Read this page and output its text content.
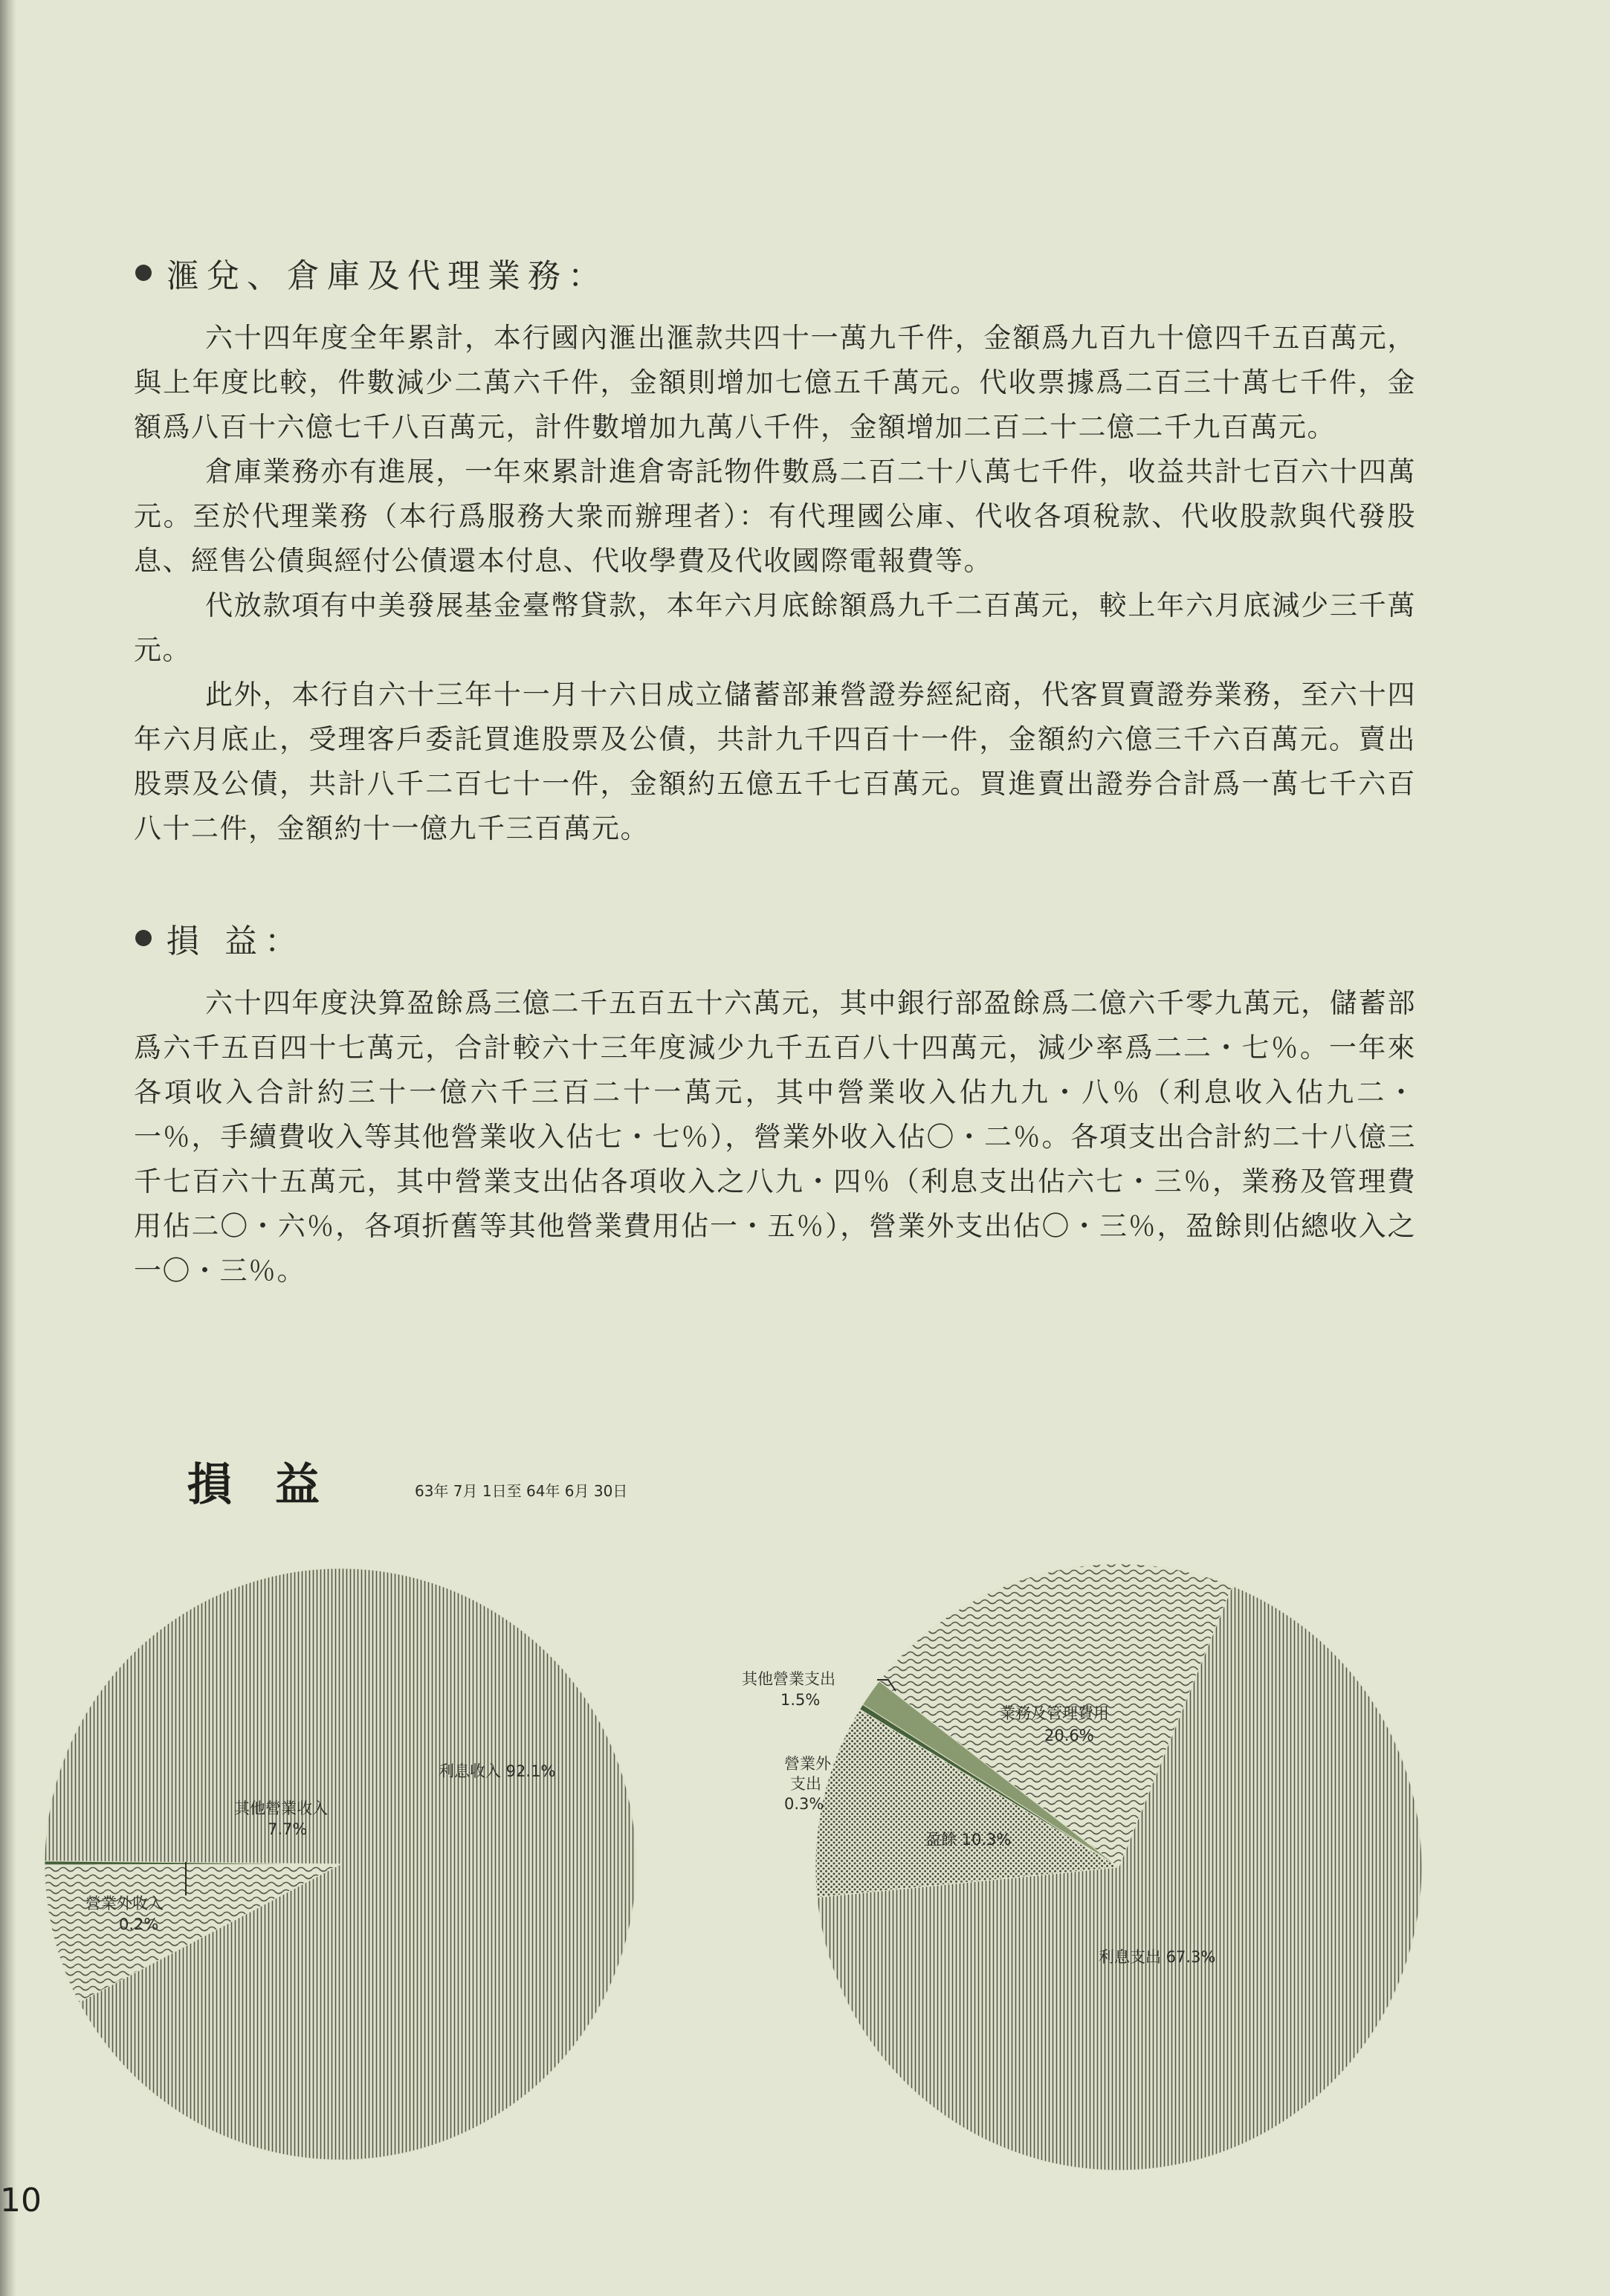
滙兌、倉庫及代理業務：

六十四年度全年累計，本行國內滙出滙款共四十一萬九千件，金額爲九百九十億四千五百萬元，與上年度比較，件數減少二萬六千件，金額則增加七億五千萬元。代收票據爲二百三十萬七千件，金額爲八百十六億七千八百萬元，計件數增加九萬八千件，金額增加二百二十二億二千九百萬元。

倉庫業務亦有進展，一年來累計進倉寄託物件數爲二百二十八萬七千件，收益共計七百六十四萬元。至於代理業務（本行爲服務大衆而辦理者）：有代理國公庫、代收各項稅款、代收股款與代發股息、經售公債與經付公債還本付息、代收學費及代收國際電報費等。

代放款項有中美發展基金臺幣貸款，本年六月底餘額爲九千二百萬元，較上年六月底減少三千萬元。

此外，本行自六十三年十一月十六日成立儲蓄部兼營證券經紀商，代客買賣證券業務，至六十四年六月底止，受理客戶委託買進股票及公債，共計九千四百十一件，金額約六億三千六百萬元。賣出股票及公債，共計八千二百七十一件，金額約五億五千七百萬元。買進賣出證券合計爲一萬七千六百八十二件，金額約十一億九千三百萬元。

損 益：

六十四年度決算盈餘爲三億二千五百五十六萬元，其中銀行部盈餘爲二億六千零九萬元，儲蓄部爲六千五百四十七萬元，合計較六十三年度減少九千五百八十四萬元，減少率爲二二・七％。一年來各項收入合計約三十一億六千三百二十一萬元，其中營業收入佔九九・八％（利息收入佔九二・一％，手續費收入等其他營業收入佔七・七％），營業外收入佔〇・二％。各項支出合計約二十八億三千七百六十五萬元，其中營業支出佔各項收入之八九・四％（利息支出佔六七・三％，業務及管理費用佔二〇・六％，各項折舊等其他營業費用佔一・五％），營業外支出佔〇・三％，盈餘則佔總收入之一〇・三％。

損益	63年 7月 1日至 64年 6月 30日
利息收入 92.1%
其他營業收入
7.7%
營業外收入
0.2%
利息支出 67.3%
盈餘 10.3%
營業外
支出
0.3%
其他營業支出
1.5%
業務及管理費用
20.6%
10
